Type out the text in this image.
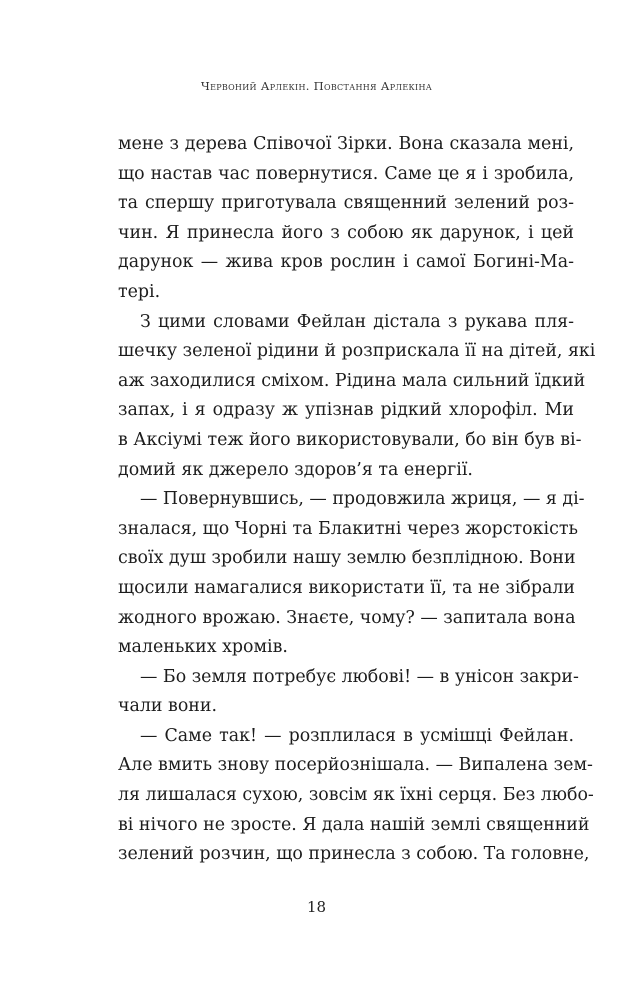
Червоний Арлекін. Повстання Арлекіна
мене з дерева Співочої Зірки. Вона сказала мені,
що настав час повернутися. Саме це я і зробила,
та спершу приготувала священний зелений роз-
чин. Я принесла його з собою як дарунок, і цей
дарунок — жива кров рослин і самої Богині-Ма-
тері.
З цими словами Фейлан дістала з рукава пля-
шечку зеленої рідини й розприскала її на дітей, які
аж заходилися сміхом. Рідина мала сильний їдкий
запах, і я одразу ж упізнав рідкий хлорофіл. Ми
в Аксіумі теж його використовували, бо він був ві-
домий як джерело здоров’я та енергії.
— Повернувшись, — продовжила жриця, — я ді-
зналася, що Чорні та Блакитні через жорстокість
своїх душ зробили нашу землю безплідною. Вони
щосили намагалися використати її, та не зібрали
жодного врожаю. Знаєте, чому? — запитала вона
маленьких хромів.
— Бо земля потребує любові! — в унісон закри-
чали вони.
— Саме так! — розплилася в усмішці Фейлан.
Але вмить знову посерйознішала. — Випалена зем-
ля лишалася сухою, зовсім як їхні серця. Без любо-
ві нічого не зросте. Я дала нашій землі священний
зелений розчин, що принесла з собою. Та головне,
18
